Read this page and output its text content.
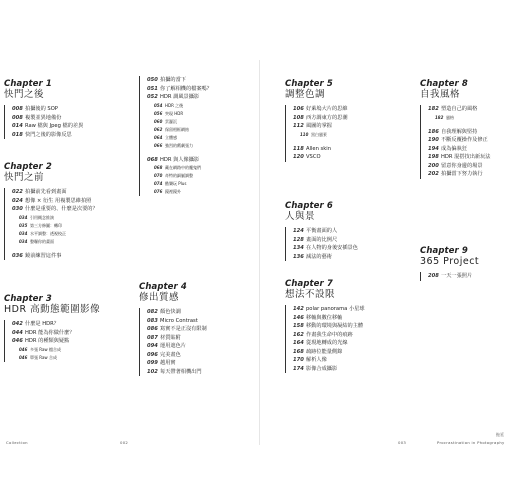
Chapter 1
快門之後
008 拍攝後的 SOP
008 複製並異地備份
014 Raw 檔與 Jpeg 檔的差異
018 快門之後的影像反思
Chapter 2
快門之前
022 拍攝前先看到畫面
024 想像 × 衍生 用複製思維拍照
030 什麼是重要的、什麼是次要的？
034 引用概念推演
035 第三方修圖：轉印
034 水平調整：透視校正
034 整曝你的畫面
036 鏡前練習這件事
Chapter 3
HDR 高動態範圍影像
042 什麼是 HDR？
044 HDR 能為你做什麼？
046 HDR 的種類與疑點
046 多張 Raw 檔合成
046 單張 Raw 合成
050 拍攝的當下
051 你了解相機的檔案嗎？
052 HDR 調風景攝影
054 HDR 之後
056 突現 HDR
060 雲瀑沉
062 保留相框網絡
064 立體感
066 強烈的戲劇張力
068 HDR 與人像攝影
068 藏在網路中的魔鬼們
070 奇特的細膩調整
074 酷樂玩 Plus
076 鏡裡鏡外
Chapter 4
修出質感
082 顏色快調
083 Micro Contrast
086 寫實不是正沒有限制
087 材質貼附
094 運用遮色片
096 完美畫色
099 越用實
102 每天帶著相機出門
Chapter 5
調整色調
106 好萊塢大片的思維
108 西方調東方的思潮
112 風圖的掌握
110 黑白風景
118 Allen skin
120 VSCO
Chapter 6
人與景
124 平衡畫面的人
128 畫面的比例尺
134 在人物的身後安插景色
136 減法的藝術
Chapter 7
想法不設限
142 polar panorama 小星球
146 移軸與數位移軸
158 移動的環境與凝結的主體
162 作畫我生命中的痕跡
164 從現地轉成的光線
168 疏跡位能量側錄
170 解析人像
174 影像合成攝影
Chapter 8
自我風格
182 塑造自己的風格
182 風格
186 自我理解與堅持
190 不斷反覆操作及修正
194 成為偏執狂
198 HDR 混搭技出新玩法
200 留意你身邊的場景
202 拍攝當下努力執行
Chapter 9
365 Project
208 一天一張照片
Collection	002	003	Procrastination in Photography
拖延
